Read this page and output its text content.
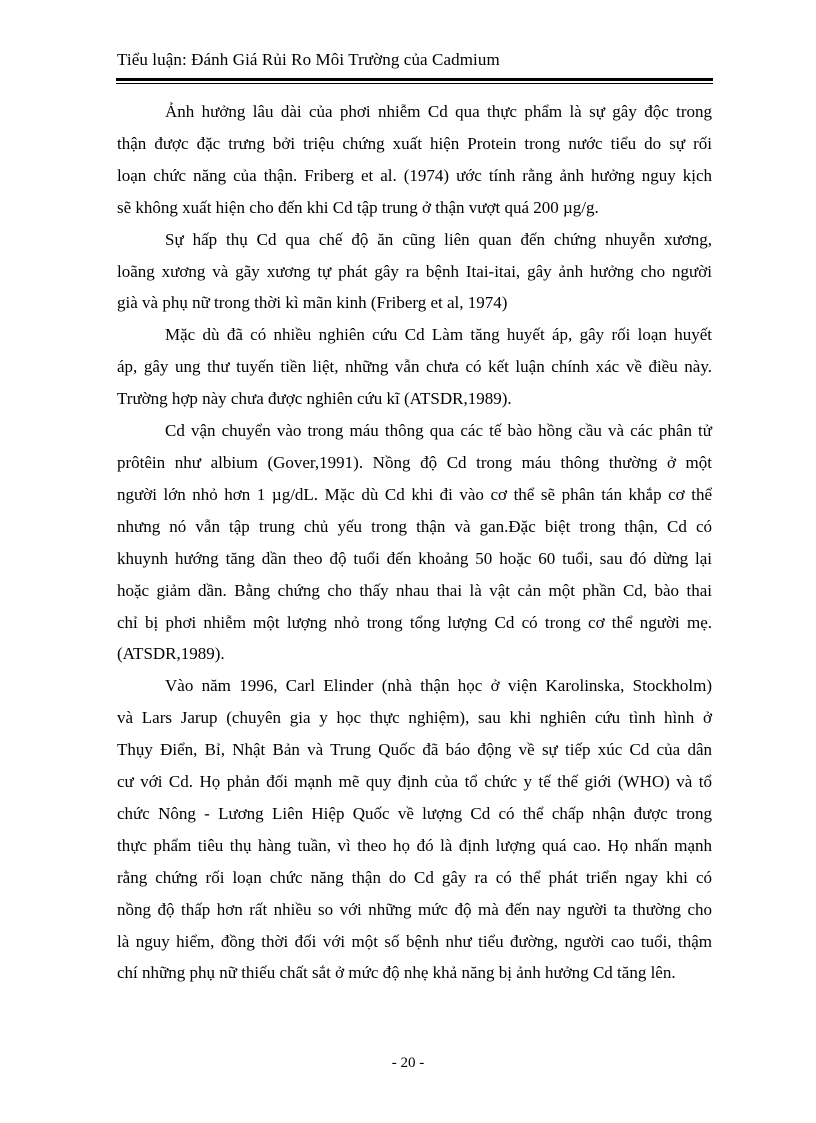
Tiểu luận: Đánh Giá Rủi Ro Môi Trường của Cadmium

Ảnh hưởng lâu dài của phơi nhiễm Cd qua thực phẩm là sự gây độc trong
thận được đặc trưng bởi triệu chứng xuất hiện Protein trong nước tiểu do sự rối
loạn chức năng của thận. Friberg et al. (1974) ước tính rằng ảnh hưởng nguy kịch
sẽ không xuất hiện cho đến khi Cd tập trung ở thận vượt quá 200 µg/g.

Sự hấp thụ Cd qua chế độ ăn cũng liên quan đến chứng nhuyễn xương,
loãng xương và gãy xương tự phát gây ra bệnh Itai-itai, gây ảnh hưởng cho người
già và phụ nữ trong thời kì mãn kinh (Friberg et al, 1974)

Mặc dù đã có nhiều nghiên cứu Cd Làm tăng huyết áp, gây rối loạn huyết
áp, gây ung thư tuyến tiền liệt, những vẫn chưa có kết luận chính xác về điều này.
Trường hợp này chưa được nghiên cứu kĩ (ATSDR,1989).

Cd vận chuyển vào trong máu thông qua các tế bào hồng cầu và các phân tử
prôtêin như albium (Gover,1991). Nồng độ Cd trong máu thông thường ở một
người lớn nhỏ hơn 1 µg/dL. Mặc dù Cd khi đi vào cơ thể sẽ phân tán khắp cơ thể
nhưng nó vẫn tập trung chủ yếu trong thận và gan.Đặc biệt trong thận, Cd có
khuynh hướng tăng dần theo độ tuổi đến khoảng 50 hoặc 60 tuổi, sau đó dừng lại
hoặc giảm dần. Bằng chứng cho thấy nhau thai là vật cản một phần Cd, bào thai
chỉ bị phơi nhiễm một lượng nhỏ trong tổng lượng Cd có trong cơ thể người mẹ.
(ATSDR,1989).

Vào năm 1996, Carl Elinder (nhà thận học ở viện Karolinska, Stockholm)
và Lars Jarup (chuyên gia y học thực nghiệm), sau khi nghiên cứu tình hình ở
Thụy Điển, Bỉ, Nhật Bản và Trung Quốc đã báo động về sự tiếp xúc Cd của dân
cư với Cd. Họ phản đối mạnh mẽ quy định của tổ chức y tế thế giới (WHO) và tổ
chức Nông - Lương Liên Hiệp Quốc về lượng Cd có thể chấp nhận được trong
thực phẩm tiêu thụ hàng tuần, vì theo họ đó là định lượng quá cao. Họ nhấn mạnh
rằng chứng rối loạn chức năng thận do Cd gây ra có thể phát triển ngay khi có
nồng độ thấp hơn rất nhiều so với những mức độ mà đến nay người ta thường cho
là nguy hiểm, đồng thời đối với một số bệnh như tiểu đường, người cao tuổi, thậm
chí những phụ nữ thiếu chất sắt ở mức độ nhẹ khả năng bị ảnh hưởng Cd tăng lên.

- 20 -
